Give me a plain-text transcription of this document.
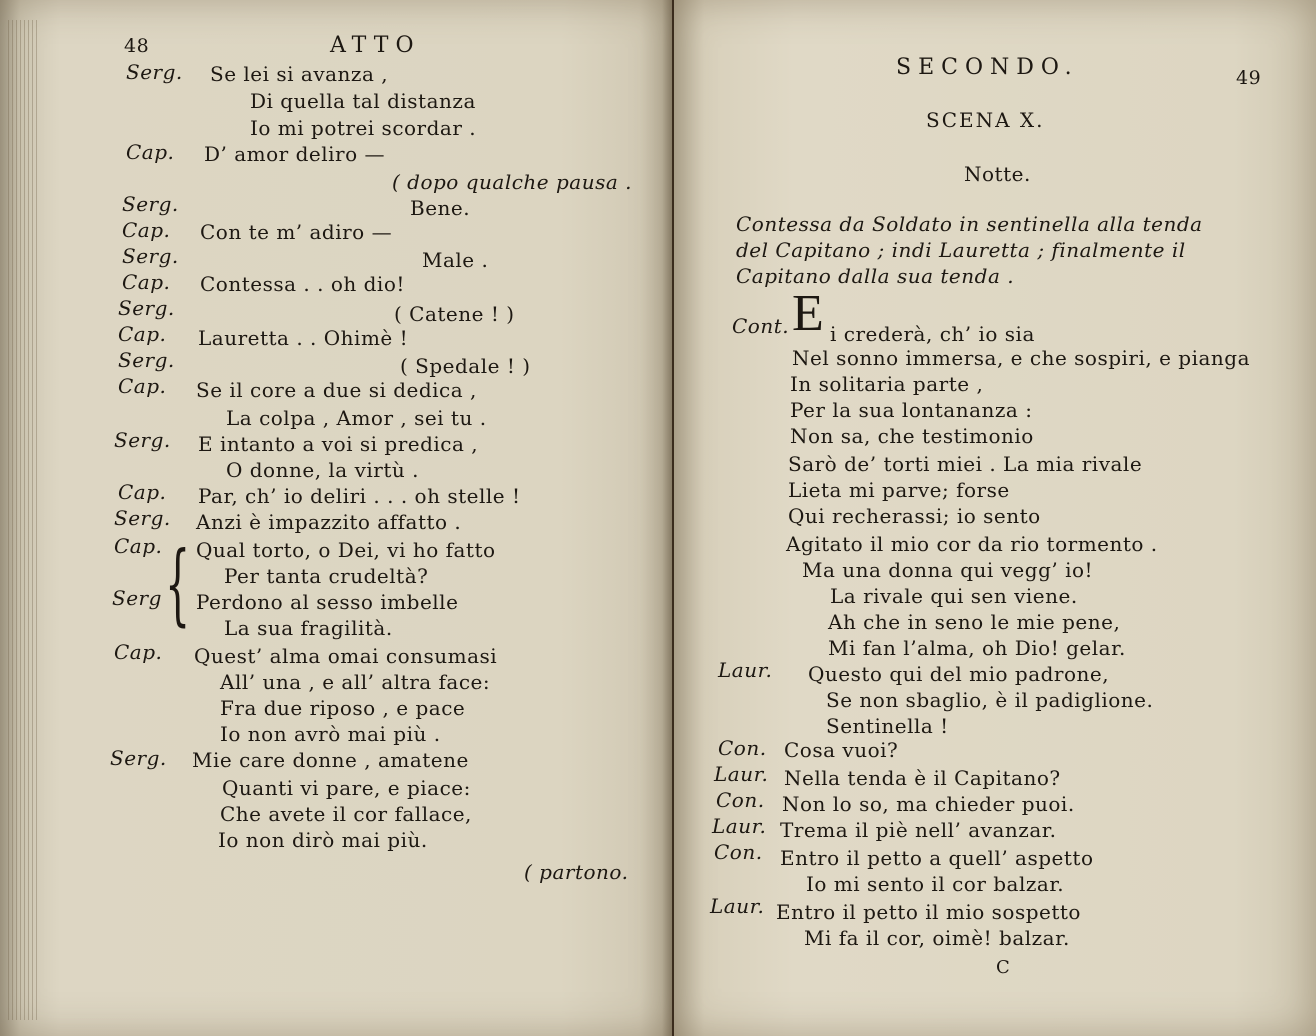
48	ATTO
Serg.
Cap.
Serg.
Cap.
Serg.
Cap.
Serg.
Cap.
Serg.
Cap.
Serg.
Cap.
Serg.
Cap.
Serg
Cap.
Serg.
{
Se lei si avanza ,
Di quella tal distanza
Io mi potrei scordar .
D’ amor deliro —
( dopo qualche pausa .
Bene.
Con te m’ adiro —
Male .
Contessa . . oh dio!
( Catene ! )
Lauretta . . Ohimè !
( Spedale ! )
Se il core a due si dedica ,
La colpa , Amor , sei tu .
E intanto a voi si predica ,
O donne, la virtù .
Par, ch’ io deliri . . . oh stelle !
Anzi è impazzito affatto .
Qual torto, o Dei, vi ho fatto
Per tanta crudeltà?
Perdono al sesso imbelle
La sua fragilità.
Quest’ alma omai consumasi
All’ una , e all’ altra face:
Fra due riposo , e pace
Io non avrò mai più .
Mie care donne , amatene
Quanti vi pare, e piace:
Che avete il cor fallace,
Io non dirò mai più.
( partono.
SECONDO.	49
SCENA X.
Notte.
Contessa da Soldato in sentinella alla tenda
del Capitano ; indi Lauretta ; finalmente il
Capitano dalla sua tenda .
Cont. E i crederà, ch’ io sia
Nel sonno immersa, e che sospiri, e pianga
In solitaria parte ,
Per la sua lontananza :
Non sa, che testimonio
Sarò de’ torti miei . La mia rivale
Lieta mi parve; forse
Qui recherassi; io sento
Agitato il mio cor da rio tormento .
Ma una donna qui vegg’ io!
La rivale qui sen viene.
Ah che in seno le mie pene,
Mi fan l’alma, oh Dio! gelar.
Laur. Questo qui del mio padrone,
Se non sbaglio, è il padiglione.
Sentinella !
Con. Cosa vuoi?
Laur. Nella tenda è il Capitano?
Con. Non lo so, ma chieder puoi.
Laur. Trema il piè nell’ avanzar.
Con. Entro il petto a quell’ aspetto
Io mi sento il cor balzar.
Laur. Entro il petto il mio sospetto
Mi fa il cor, oimè! balzar.
C
